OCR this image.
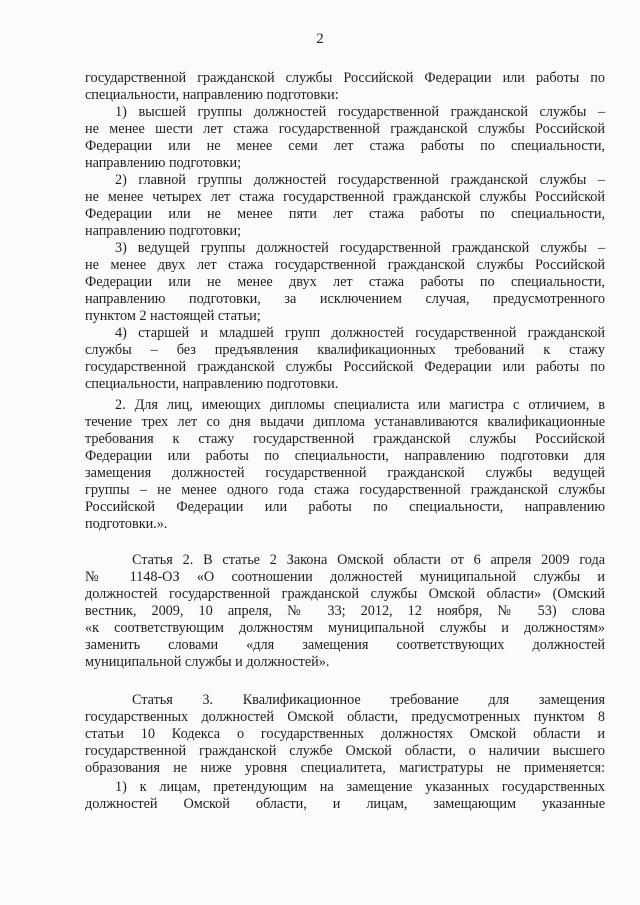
2
государственной гражданской службы Российской Федерации или работы по
специальности, направлению подготовки:
1) высшей группы должностей государственной гражданской службы –
не менее шести лет стажа государственной гражданской службы Российской
Федерации или не менее семи лет стажа работы по специальности,
направлению подготовки;
2) главной группы должностей государственной гражданской службы –
не менее четырех лет стажа государственной гражданской службы Российской
Федерации или не менее пяти лет стажа работы по специальности,
направлению подготовки;
3) ведущей группы должностей государственной гражданской службы –
не менее двух лет стажа государственной гражданской службы Российской
Федерации или не менее двух лет стажа работы по специальности,
направлению подготовки, за исключением случая, предусмотренного
пунктом 2 настоящей статьи;
4) старшей и младшей групп должностей государственной гражданской
службы – без предъявления квалификационных требований к стажу
государственной гражданской службы Российской Федерации или работы по
специальности, направлению подготовки.
2. Для лиц, имеющих дипломы специалиста или магистра с отличием, в
течение трех лет со дня выдачи диплома устанавливаются квалификационные
требования к стажу государственной гражданской службы Российской
Федерации или работы по специальности, направлению подготовки для
замещения должностей государственной гражданской службы ведущей
группы – не менее одного года стажа государственной гражданской службы
Российской Федерации или работы по специальности, направлению
подготовки.».
Статья 2. В статье 2 Закона Омской области от 6 апреля 2009 года
№ 1148-ОЗ «О соотношении должностей муниципальной службы и
должностей государственной гражданской службы Омской области» (Омский
вестник, 2009, 10 апреля, № 33; 2012, 12 ноября, № 53) слова
«к соответствующим должностям муниципальной службы и должностям»
заменить словами «для замещения соответствующих должностей
муниципальной службы и должностей».
Статья 3. Квалификационное требование для замещения
государственных должностей Омской области, предусмотренных пунктом 8
статьи 10 Кодекса о государственных должностях Омской области и
государственной гражданской службе Омской области, о наличии высшего
образования не ниже уровня специалитета, магистратуры не применяется:
1) к лицам, претендующим на замещение указанных государственных
должностей Омской области, и лицам, замещающим указанные
